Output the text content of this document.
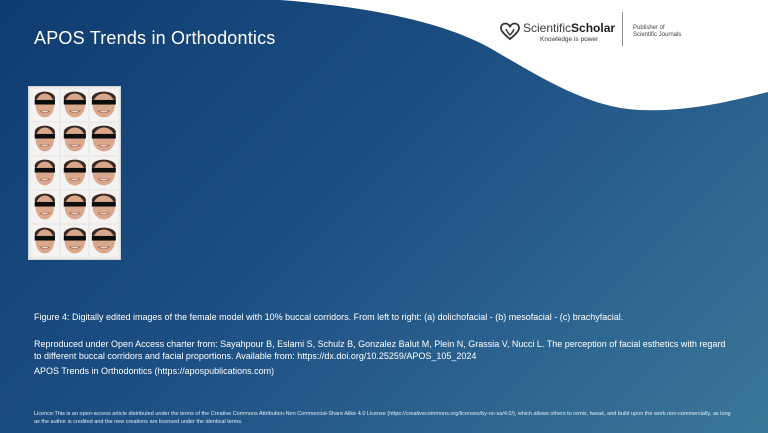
APOS Trends in Orthodontics	ScientificScholar
Knowledge is power
Publisher of
Scientific Journals
Figure 4: Digitally edited images of the female model with 10% buccal corridors. From left to right: (a) dolichofacial - (b) mesofacial - (c) brachyfacial.
Reproduced under Open Access charter from: Sayahpour B, Eslami S, Schulz B, Gonzalez Balut M, Plein N, Grassia V, Nucci L. The perception of facial esthetics with regard to different buccal corridors and facial proportions. Available from: https://dx.doi.org/10.25259/APOS_105_2024
APOS Trends in Orthodontics (https://apospublications.com)
Licence:This is an open-access article distributed under the terms of the Creative Commons Attribution-Non Commercial-Share Alike 4.0 License (https://creativecommons.org/licenses/by-nc-sa/4.0/), which allows others to remix, tweak, and build upon the work non-commercially, as long as the author is credited and the new creations are licensed under the identical terms.
